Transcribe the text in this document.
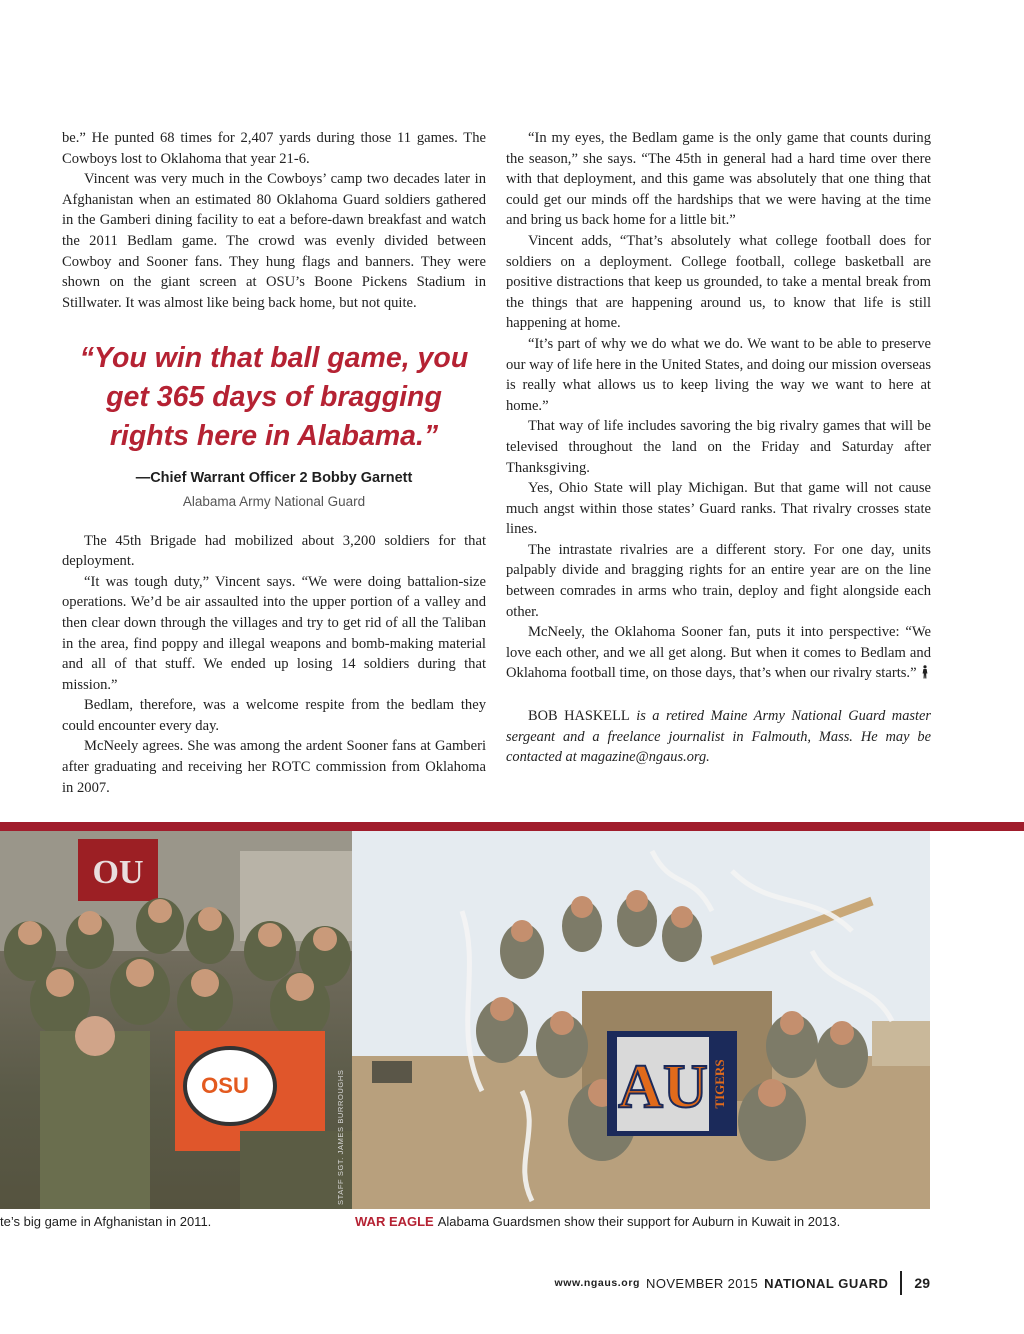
be.” He punted 68 times for 2,407 yards during those 11 games. The Cowboys lost to Oklahoma that year 21-6.

Vincent was very much in the Cowboys’ camp two decades later in Afghanistan when an estimated 80 Oklahoma Guard soldiers gathered in the Gamberi dining facility to eat a before-dawn breakfast and watch the 2011 Bedlam game. The crowd was evenly divided between Cowboy and Sooner fans. They hung flags and banners. They were shown on the giant screen at OSU’s Boone Pickens Stadium in Stillwater. It was almost like being back home, but not quite.

“You win that ball game, you get 365 days of bragging rights here in Alabama.”
—Chief Warrant Officer 2 Bobby Garnett
Alabama Army National Guard

The 45th Brigade had mobilized about 3,200 soldiers for that deployment.

“It was tough duty,” Vincent says. “We were doing battalion-size operations. We’d be air assaulted into the upper portion of a valley and then clear down through the villages and try to get rid of all the Taliban in the area, find poppy and illegal weapons and bomb-making material and all of that stuff. We ended up losing 14 soldiers during that mission.”

Bedlam, therefore, was a welcome respite from the bedlam they could encounter every day.

McNeely agrees. She was among the ardent Sooner fans at Gamberi after graduating and receiving her ROTC commission from Oklahoma in 2007.

“In my eyes, the Bedlam game is the only game that counts during the season,” she says. “The 45th in general had a hard time over there with that deployment, and this game was absolutely that one thing that could get our minds off the hardships that we were having at the time and bring us back home for a little bit.”

Vincent adds, “That’s absolutely what college football does for soldiers on a deployment. College football, college basketball are positive distractions that keep us grounded, to take a mental break from the things that are happening around us, to know that life is still happening at home.

“It’s part of why we do what we do. We want to be able to preserve our way of life here in the United States, and doing our mission overseas is really what allows us to keep living the way we want to here at home.”

That way of life includes savoring the big rivalry games that will be televised throughout the land on the Friday and Saturday after Thanksgiving.

Yes, Ohio State will play Michigan. But that game will not cause much angst within those states’ Guard ranks. That rivalry crosses state lines.

The intrastate rivalries are a different story. For one day, units palpably divide and bragging rights for an entire year are on the line between comrades in arms who train, deploy and fight alongside each other.

McNeely, the Oklahoma Sooner fan, puts it into perspective: “We love each other, and we all get along. But when it comes to Bedlam and Oklahoma football time, on those days, that’s when our rivalry starts.”

BOB HASKELL is a retired Maine Army National Guard master sergeant and a freelance journalist in Falmouth, Mass. He may be contacted at magazine@ngaus.org.

OU
OSU	AU TIGERS
STAFF SGT. JAMES BURROUGHS
te’s big game in Afghanistan in 2011.	WAR EAGLE Alabama Guardsmen show their support for Auburn in Kuwait in 2013.
www.ngaus.org NOVEMBER 2015 NATIONAL GUARD 29
